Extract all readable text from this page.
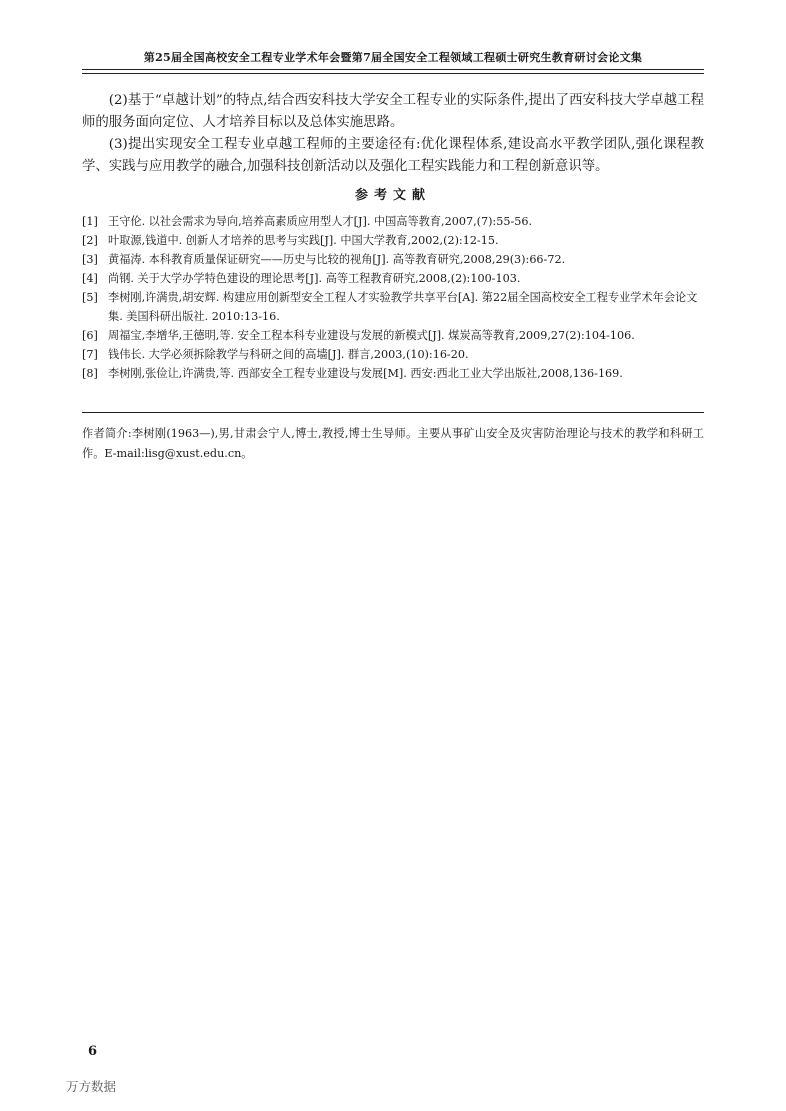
第25届全国高校安全工程专业学术年会暨第7届全国安全工程领域工程硕士研究生教育研讨会论文集

(2)基于“卓越计划”的特点,结合西安科技大学安全工程专业的实际条件,提出了西安科技大学卓越工程师的服务面向定位、人才培养目标以及总体实施思路。

(3)提出实现安全工程专业卓越工程师的主要途径有:优化课程体系,建设高水平教学团队,强化课程教学、实践与应用教学的融合,加强科技创新活动以及强化工程实践能力和工程创新意识等。

参考文献
[1] 王守伦. 以社会需求为导向,培养高素质应用型人才[J]. 中国高等教育,2007,(7):55-56.
[2] 叶取源,钱道中. 创新人才培养的思考与实践[J]. 中国大学教育,2002,(2):12-15.
[3] 黄福涛. 本科教育质量保证研究——历史与比较的视角[J]. 高等教育研究,2008,29(3):66-72.
[4] 尚钢. 关于大学办学特色建设的理论思考[J]. 高等工程教育研究,2008,(2):100-103.
[5] 李树刚,许满贵,胡安辉. 构建应用创新型安全工程人才实验教学共享平台[A]. 第22届全国高校安全工程专业学术年会论文集. 美国科研出版社. 2010:13-16.
[6] 周福宝,李增华,王德明,等. 安全工程本科专业建设与发展的新模式[J]. 煤炭高等教育,2009,27(2):104-106.
[7] 钱伟长. 大学必须拆除教学与科研之间的高墙[J]. 群言,2003,(10):16-20.
[8] 李树刚,张俭让,许满贵,等. 西部安全工程专业建设与发展[M]. 西安:西北工业大学出版社,2008,136-169.
作者简介:李树刚(1963—),男,甘肃会宁人,博士,教授,博士生导师。主要从事矿山安全及灾害防治理论与技术的教学和科研工作。E-mail:lisg@xust.edu.cn。
6
万方数据
